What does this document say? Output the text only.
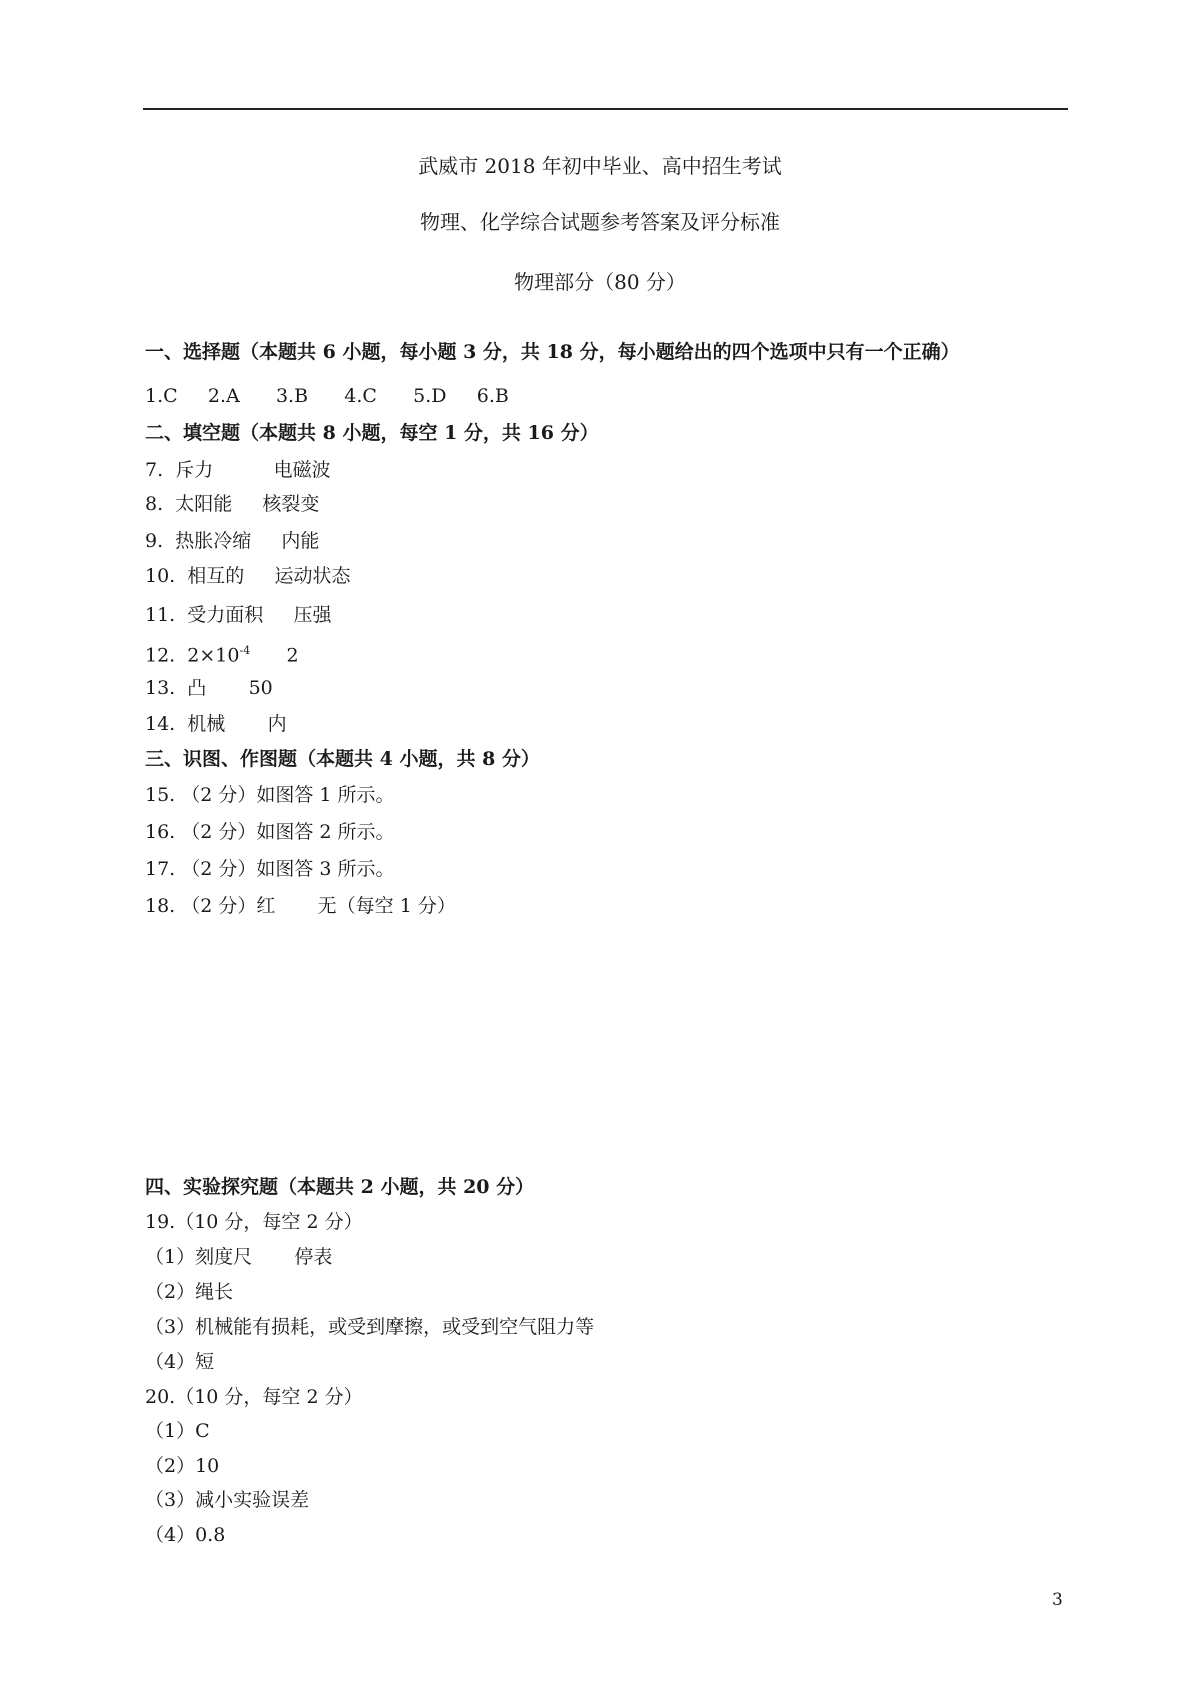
武威市 2018 年初中毕业、高中招生考试
物理、化学综合试题参考答案及评分标准
物理部分（80 分）
一、选择题（本题共 6 小题，每小题 3 分，共 18 分，每小题给出的四个选项中只有一个正确）
1.C     2.A      3.B      4.C      5.D     6.B
二、填空题（本题共 8 小题，每空 1 分，共 16 分）
7.  斥力          电磁波
8.  太阳能     核裂变
9.  热胀冷缩     内能
10.  相互的     运动状态
11.  受力面积     压强
12.  $2\times 10^{-4}$      2
13.  凸       50
14.  机械       内
三、识图、作图题（本题共 4 小题，共 8 分）
15. （2 分）如图答 1 所示。
16. （2 分）如图答 2 所示。
17. （2 分）如图答 3 所示。
18. （2 分）红       无（每空 1 分）
四、实验探究题（本题共 2 小题，共 20 分）
19.（10 分，每空 2 分）
（1）刻度尺       停表
（2）绳长
（3）机械能有损耗，或受到摩擦，或受到空气阻力等
（4）短
20.（10 分，每空 2 分）
（1）C
（2）10
（3）减小实验误差
（4）0.8
3
